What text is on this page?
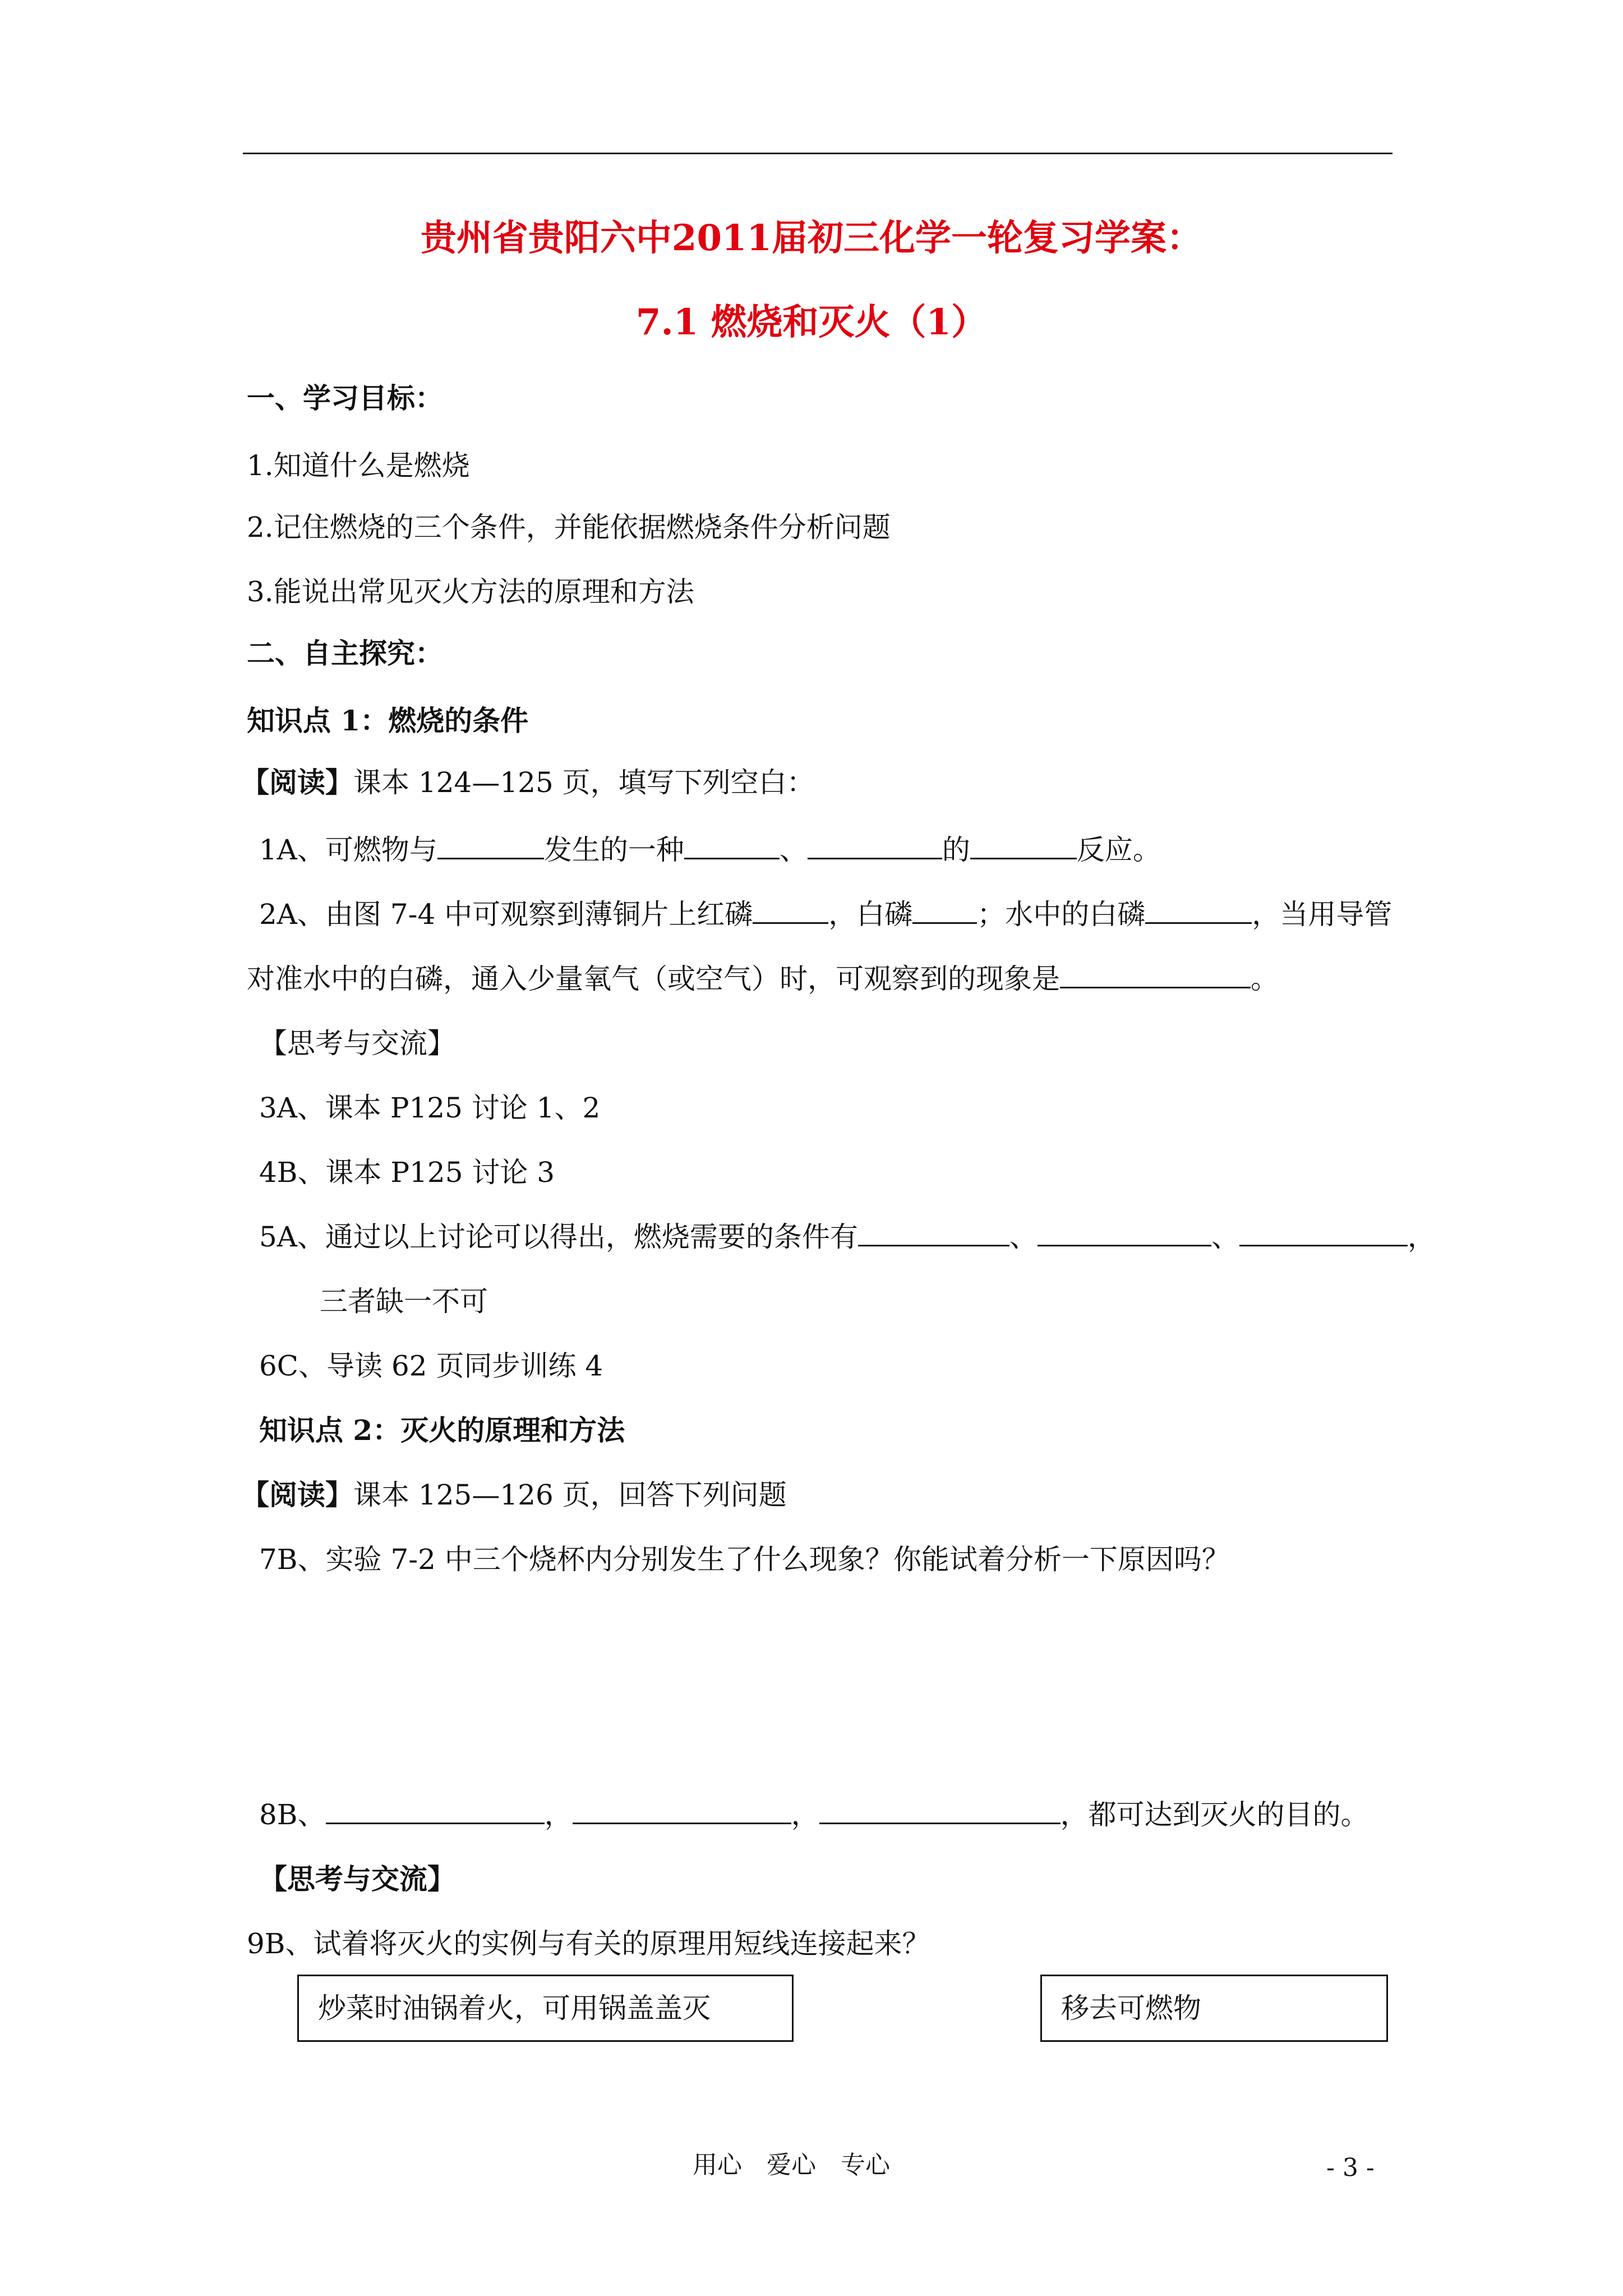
贵州省贵阳六中2011届初三化学一轮复习学案：
7.1 燃烧和灭火（1）
一、学习目标：
1.知道什么是燃烧
2.记住燃烧的三个条件，并能依据燃烧条件分析问题
3.能说出常见灭火方法的原理和方法
二、自主探究：
知识点 1：燃烧的条件
【阅读】课本 124—125 页，填写下列空白：
1A、可燃物与	发生的一种	、	的	反应。
2A、由图 7-4 中可观察到薄铜片上红磷	，白磷 ；水中的白磷	，当用导管
对准水中的白磷，通入少量氧气（或空气）时，可观察到的现象是	。
【思考与交流】
3A、课本 P125 讨论 1、2
4B、课本 P125 讨论 3
5A、通过以上讨论可以得出，燃烧需要的条件有	、	、	，
三者缺一不可
6C、导读 62 页同步训练 4
知识点 2：灭火的原理和方法
【阅读】课本 125—126 页，回答下列问题
7B、实验 7-2 中三个烧杯内分别发生了什么现象？你能试着分析一下原因吗？
8B、	，	，	，都可达到灭火的目的。
【思考与交流】
9B、试着将灭火的实例与有关的原理用短线连接起来？
炒菜时油锅着火，可用锅盖盖灭	移去可燃物
用心　爱心　专心	- 3 -
